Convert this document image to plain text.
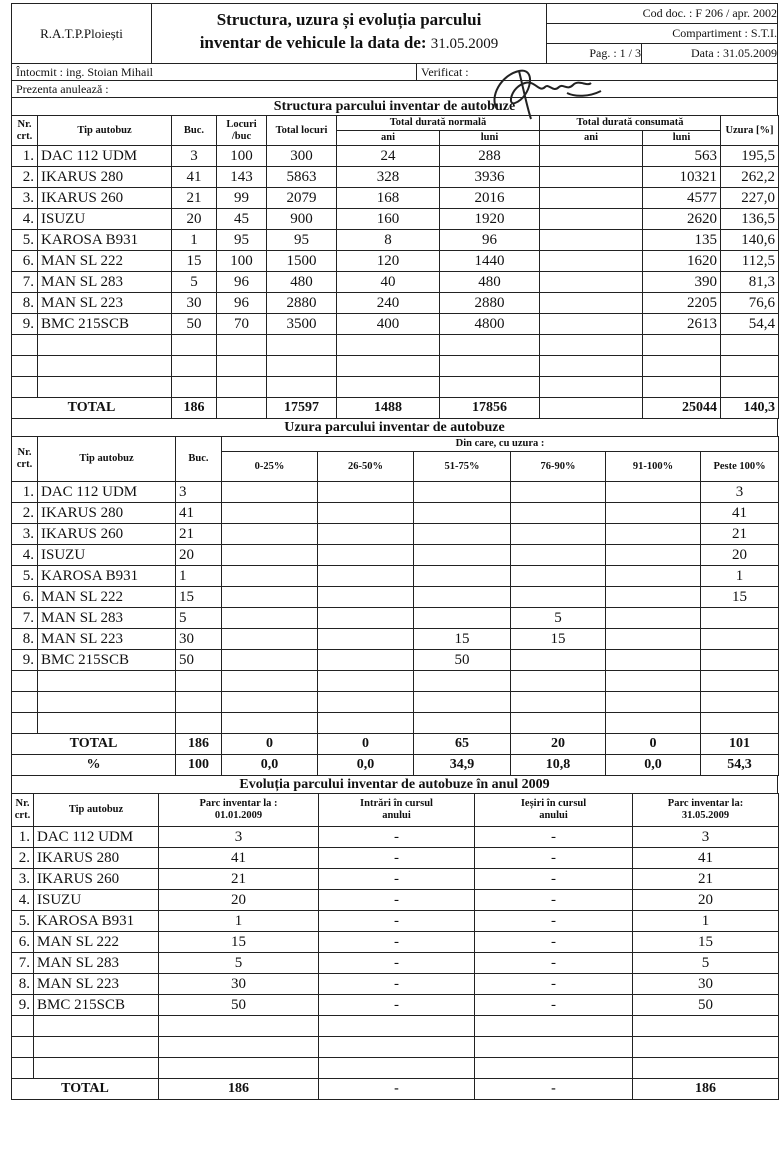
R.A.T.P.Ploiești
Structura, uzura și evoluția parcului
inventar de vehicule la data de: 31.05.2009
Cod doc. : F 206 / apr. 2002
Compartiment : S.T.I.
Pag. : 1 / 3	Data : 31.05.2009
Întocmit : ing. Stoian Mihail	Verificat :
Prezenta anulează :
Structura parcului inventar de autobuze
Nr. crt.	Tip autobuz	Buc.	Locuri /buc	Total locuri	Total durată normală		Total durată consumată		Uzura [%]
					ani	luni	ani	luni	
1.	DAC 112 UDM	3	100	300	24	288		563	195,5
2.	IKARUS 280	41	143	5863	328	3936		10321	262,2
3.	IKARUS 260	21	99	2079	168	2016		4577	227,0
4.	ISUZU	20	45	900	160	1920		2620	136,5
5.	KAROSA B931	1	95	95	8	96		135	140,6
6.	MAN SL 222	15	100	1500	120	1440		1620	112,5
7.	MAN SL 283	5	96	480	40	480		390	81,3
8.	MAN SL 223	30	96	2880	240	2880		2205	76,6
9.	BMC 215SCB	50	70	3500	400	4800		2613	54,4

TOTAL		186		17597	1488	17856		25044	140,3
Uzura parcului inventar de autobuze
Nr. crt.	Tip autobuz	Buc.	Din care, cu uzura :					
			0-25%	26-50%	51-75%	76-90%	91-100%	Peste 100%
1.	DAC 112 UDM	3						3
2.	IKARUS 280	41						41
3.	IKARUS 260	21						21
4.	ISUZU	20						20
5.	KAROSA B931	1						1
6.	MAN SL 222	15						15
7.	MAN SL 283	5				5		
8.	MAN SL 223	30			15	15		
9.	BMC 215SCB	50			50			

TOTAL		186	0	0	65	20	0	101
%		100	0,0	0,0	34,9	10,8	0,0	54,3
Evoluția parcului inventar de autobuze în anul 2009
Nr. crt.	Tip autobuz	Parc inventar la : 01.01.2009	Intrări în cursul anului	Ieșiri în cursul anului	Parc inventar la: 31.05.2009
1.	DAC 112 UDM	3	-	-	3
2.	IKARUS 280	41	-	-	41
3.	IKARUS 260	21	-	-	21
4.	ISUZU	20	-	-	20
5.	KAROSA B931	1	-	-	1
6.	MAN SL 222	15	-	-	15
7.	MAN SL 283	5	-	-	5
8.	MAN SL 223	30	-	-	30
9.	BMC 215SCB	50	-	-	50

TOTAL		186	-	-	186
